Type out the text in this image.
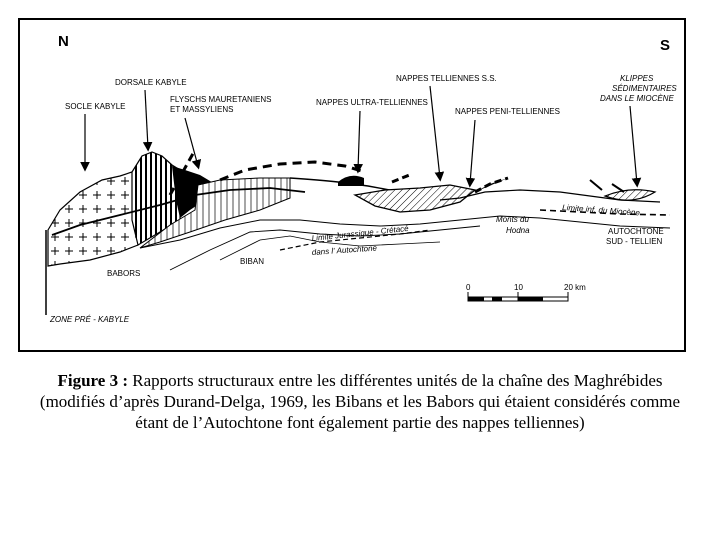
N	S
SOCLE KABYLE
DORSALE KABYLE
FLYSCHS MAURETANIENS
ET MASSYLIENS
NAPPES TELLIENNES S.S.
NAPPES ULTRA-TELLIENNES
NAPPES PENI-TELLIENNES
KLIPPES
SÉDIMENTAIRES
DANS LE MIOCÈNE
Monts du
Hodna
Limite inf. du Miocène
AUTOCHTONE
SUD - TELLIEN
Limite Jurassique - Crétacé
dans l' Autochtone
BIBAN
BABORS
ZONE PRÉ - KABYLE
0	10	20 km
Figure 3 : Rapports structuraux entre les différentes unités de la chaîne des Maghrébides (modifiés d’après Durand-Delga, 1969, les Bibans et les Babors qui étaient considérés comme étant de l’Autochtone font également partie des nappes telliennes)
